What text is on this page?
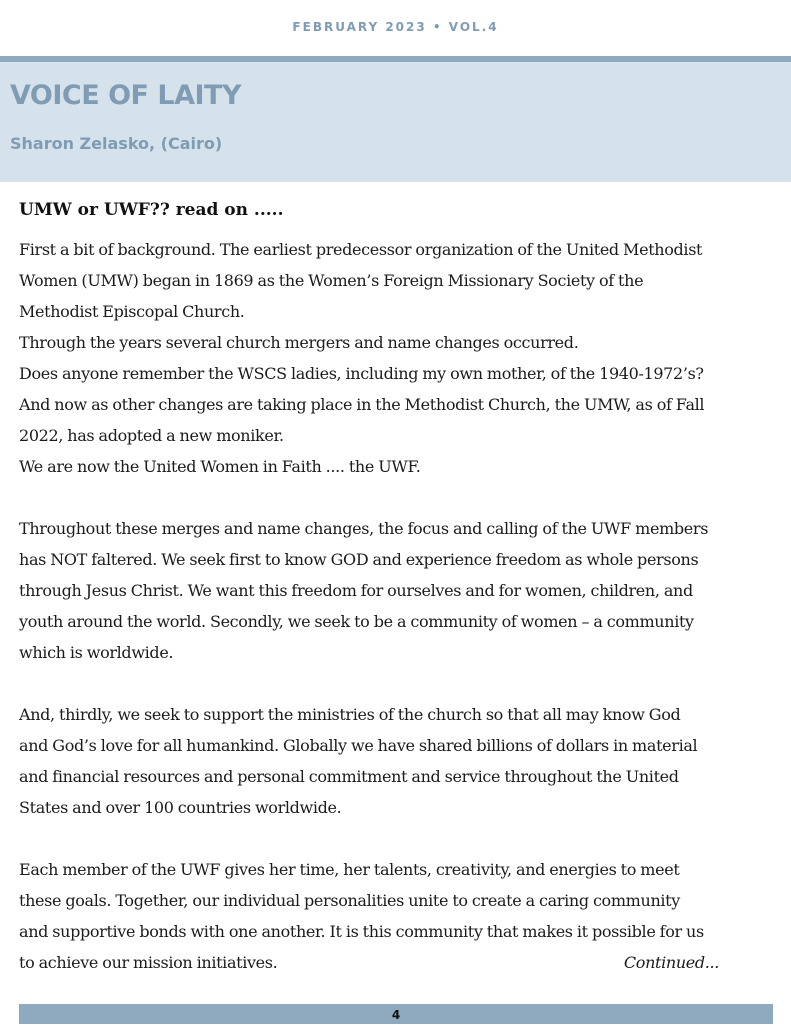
FEBRUARY 2023 • VOL.4
VOICE OF LAITY
Sharon Zelasko, (Cairo)
UMW or UWF?? read on .....

First a bit of background. The earliest predecessor organization of the United Methodist

Women (UMW) began in 1869 as the Women’s Foreign Missionary Society of the

Methodist Episcopal Church.

Through the years several church mergers and name changes occurred.

Does anyone remember the WSCS ladies, including my own mother, of the 1940-1972’s?

And now as other changes are taking place in the Methodist Church, the UMW, as of Fall

2022, has adopted a new moniker.

We are now the United Women in Faith .... the UWF.

Throughout these merges and name changes, the focus and calling of the UWF members

has NOT faltered. We seek first to know GOD and experience freedom as whole persons

through Jesus Christ. We want this freedom for ourselves and for women, children, and

youth around the world. Secondly, we seek to be a community of women – a community

which is worldwide.

And, thirdly, we seek to support the ministries of the church so that all may know God

and God’s love for all humankind. Globally we have shared billions of dollars in material

and financial resources and personal commitment and service throughout the United

States and over 100 countries worldwide.

Each member of the UWF gives her time, her talents, creativity, and energies to meet

these goals. Together, our individual personalities unite to create a caring community

and supportive bonds with one another. It is this community that makes it possible for us

to achieve our mission initiatives.	Continued...

4
